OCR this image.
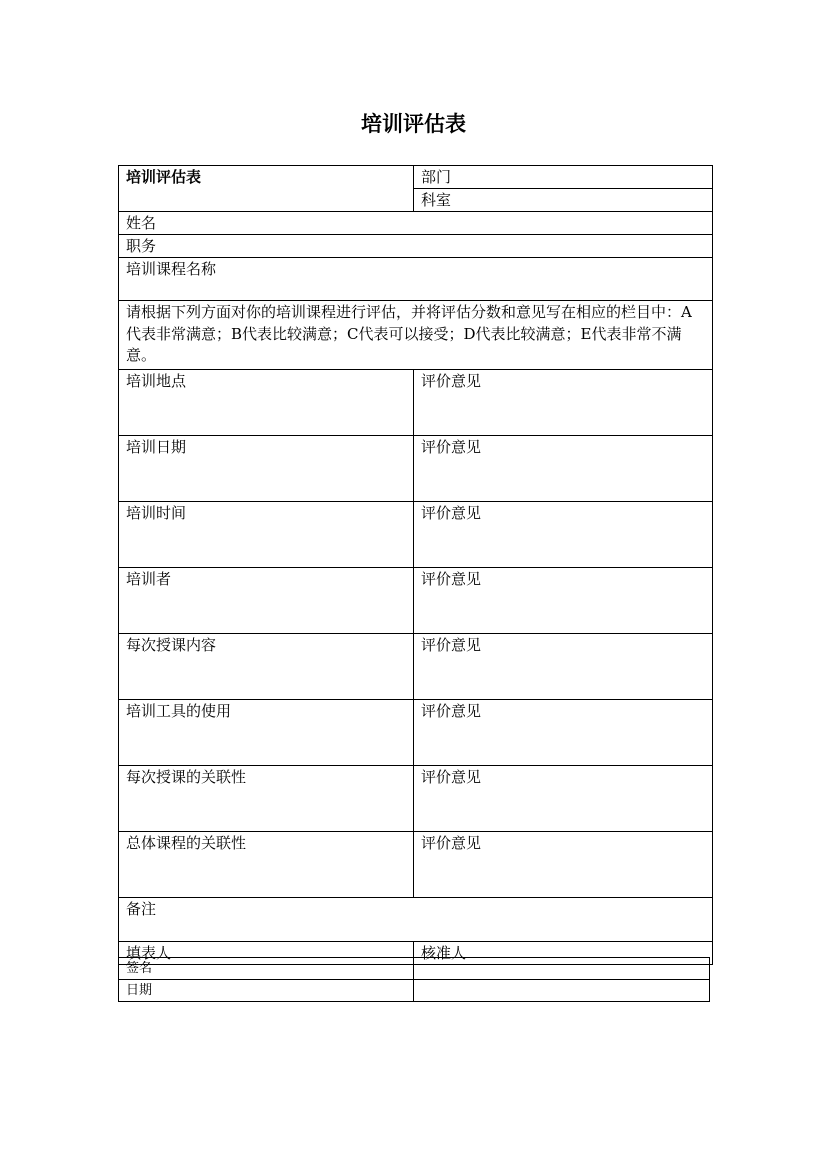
培训评估表
培训评估表	部门
	科室
姓名	
职务	
培训课程名称	
请根据下列方面对你的培训课程进行评估，并将评估分数和意见写在相应的栏目中：A代表非常满意；B代表比较满意；C代表可以接受；D代表比较满意；E代表非常不满意。	
培训地点	评价意见
培训日期	评价意见
培训时间	评价意见
培训者	评价意见
每次授课内容	评价意见
培训工具的使用	评价意见
每次授课的关联性	评价意见
总体课程的关联性	评价意见
备注	
填表人	核准人
签名	
日期	
